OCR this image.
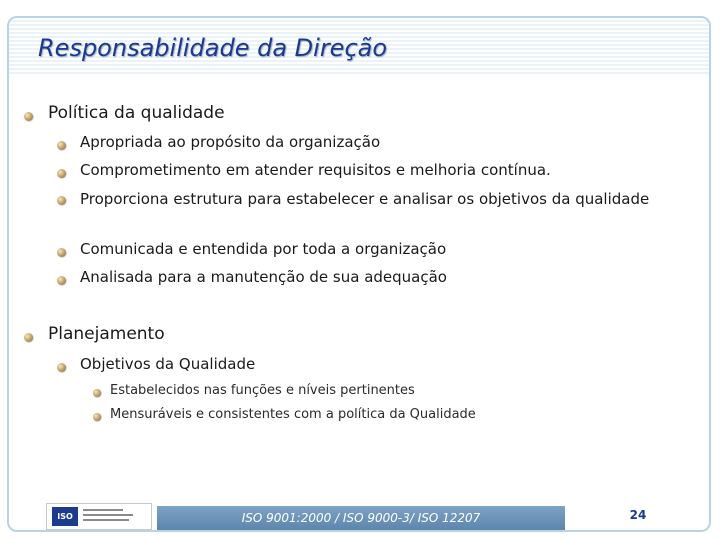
Responsabilidade da Direção
Política da qualidade
Apropriada ao propósito da organização
Comprometimento em atender requisitos e melhoria contínua.
Proporciona estrutura para estabelecer e analisar os objetivos da qualidade
Comunicada e entendida por toda a organização
Analisada para a manutenção de sua adequação
Planejamento
Objetivos da Qualidade
Estabelecidos nas funções e níveis pertinentes
Mensuráveis e consistentes com a política da Qualidade
ISO	ISO 9001:2000 / ISO 9000-3/ ISO 12207	24
